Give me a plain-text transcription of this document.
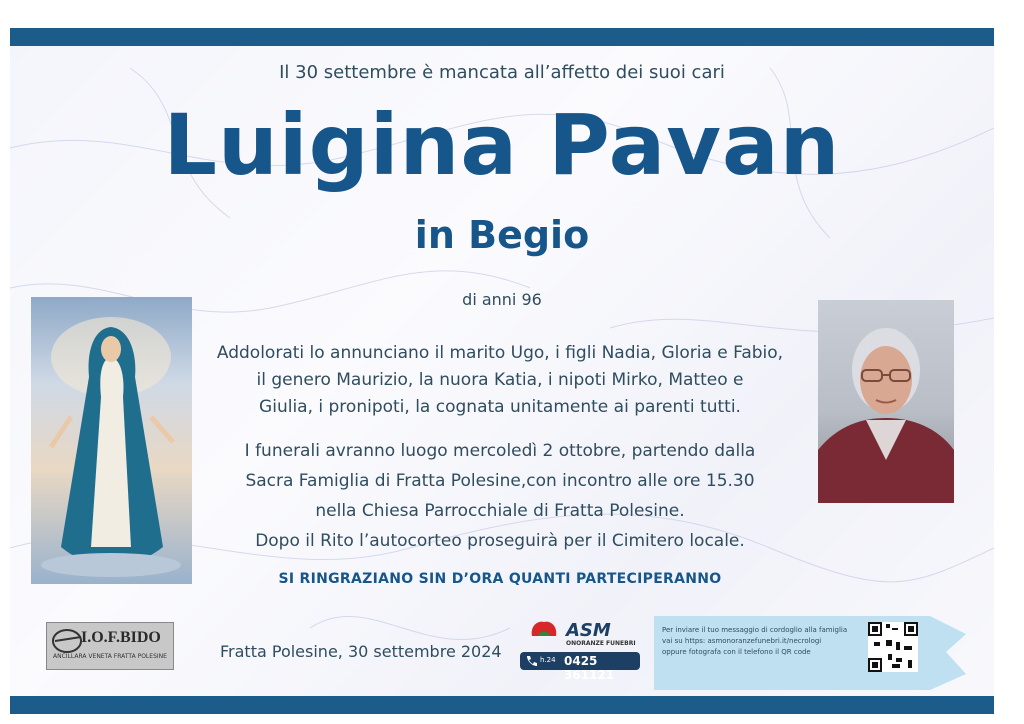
Il 30 settembre è mancata all’affetto dei suoi cari
Luigina Pavan
in Begio
di anni 96
Addolorati lo annunciano il marito Ugo, i figli Nadia, Gloria e Fabio,
il genero Maurizio, la nuora Katia, i nipoti Mirko, Matteo e
Giulia, i pronipoti, la cognata unitamente ai parenti tutti.
I funerali avranno luogo mercoledì 2 ottobre, partendo dalla
Sacra Famiglia di Fratta Polesine,con incontro alle ore 15.30
nella Chiesa Parrocchiale di Fratta Polesine.
Dopo il Rito l’autocorteo proseguirà per il Cimitero locale.
SI RINGRAZIANO SIN D’ORA QUANTI PARTECIPERANNO
I.O.F.BIDO
ANCILLARA VENETA FRATTA POLESINE	Fratta Polesine, 30 settembre 2024
ASM
ONORANZE FUNEBRI
h.24 0425 361121
Per inviare il tuo messaggio di cordoglio alla famiglia
vai su https: asmonoranzefunebri.it/necrologi
oppure fotografa con il telefono il QR code
